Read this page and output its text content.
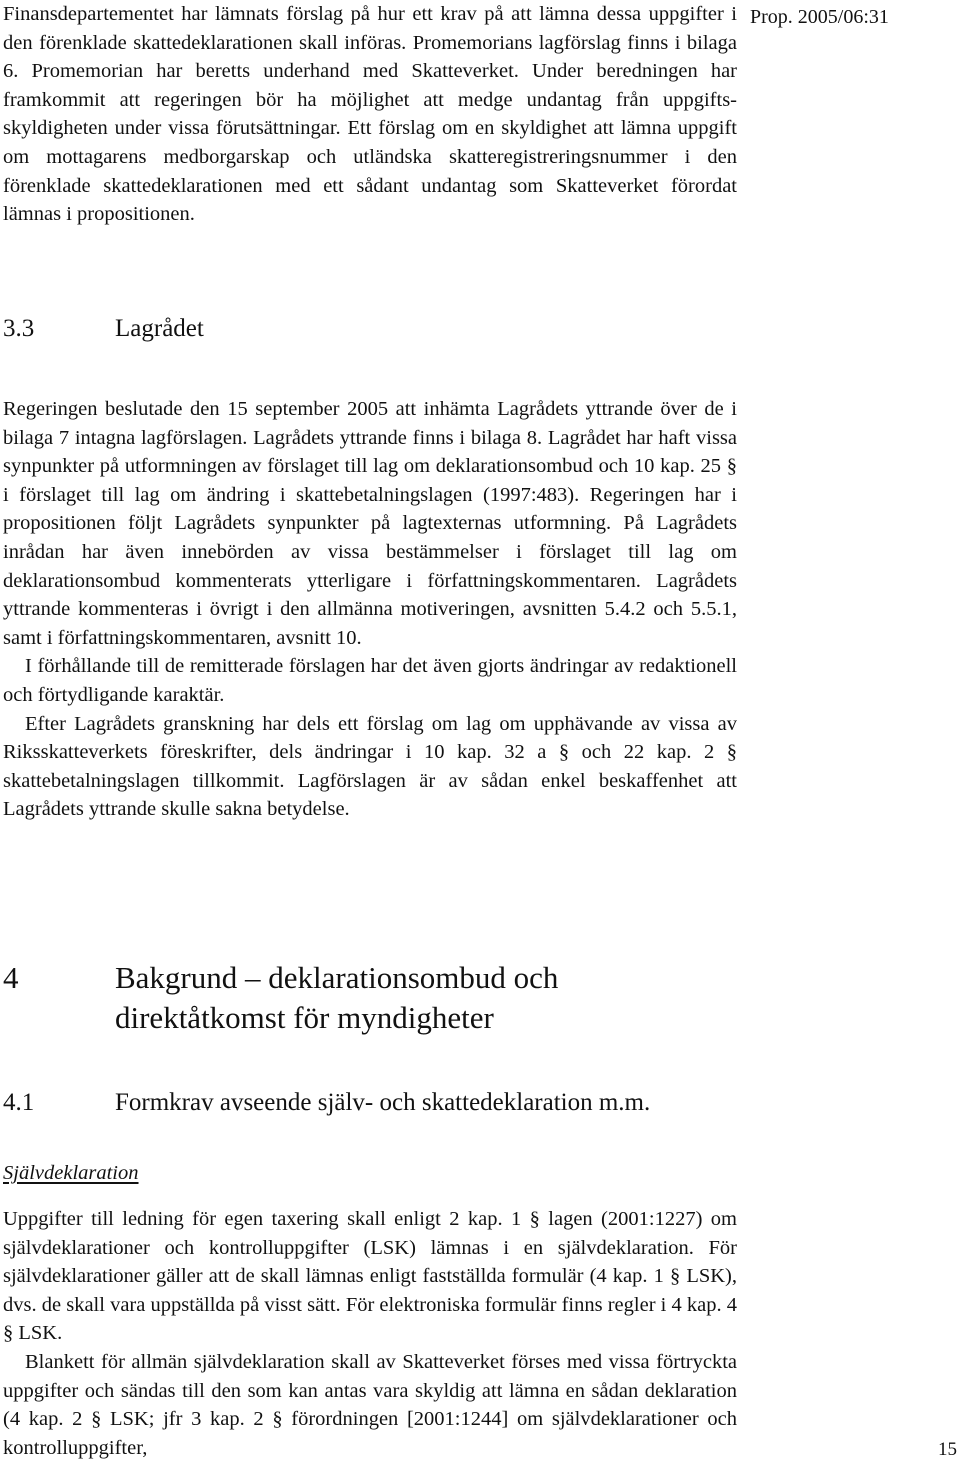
Prop. 2005/06:31

Finansdepartementet har lämnats förslag på hur ett krav på att lämna dessa uppgifter i den förenklade skattedeklarationen skall införas. Promemorians lagförslag finns i bilaga 6. Promemorian har beretts underhand med Skatteverket. Under beredningen har framkommit att regeringen bör ha möjlighet att medge undantag från uppgiftsskyldigheten under vissa förutsättningar. Ett förslag om en skyldighet att lämna uppgift om mottagarens medborgarskap och utländska skatteregistreringsnummer i den förenklade skattedeklarationen med ett sådant undantag som Skatteverket förordat lämnas i propositionen.

3.3	Lagrådet

Regeringen beslutade den 15 september 2005 att inhämta Lagrådets yttrande över de i bilaga 7 intagna lagförslagen. Lagrådets yttrande finns i bilaga 8. Lagrådet har haft vissa synpunkter på utformningen av förslaget till lag om deklarationsombud och 10 kap. 25 § i förslaget till lag om ändring i skattebetalningslagen (1997:483). Regeringen har i propositionen följt Lagrådets synpunkter på lagtexternas utformning. På Lagrådets inrådan har även innebörden av vissa bestämmelser i förslaget till lag om deklarationsombud kommenterats ytterligare i författningskommentaren. Lagrådets yttrande kommenteras i övrigt i den allmänna motiveringen, avsnitten 5.4.2 och 5.5.1, samt i författningskommentaren, avsnitt 10.

I förhållande till de remitterade förslagen har det även gjorts ändringar av redaktionell och förtydligande karaktär.

Efter Lagrådets granskning har dels ett förslag om lag om upphävande av vissa av Riksskatteverkets föreskrifter, dels ändringar i 10 kap. 32 a § och 22 kap. 2 § skattebetalningslagen tillkommit. Lagförslagen är av sådan enkel beskaffenhet att Lagrådets yttrande skulle sakna betydelse.

4	Bakgrund – deklarationsombud och
direktåtkomst för myndigheter
4.1	Formkrav avseende själv- och skattedeklaration m.m.
Självdeklaration

Uppgifter till ledning för egen taxering skall enligt 2 kap. 1 § lagen (2001:1227) om självdeklarationer och kontrolluppgifter (LSK) lämnas i en självdeklaration. För självdeklarationer gäller att de skall lämnas enligt fastställda formulär (4 kap. 1 § LSK), dvs. de skall vara uppställda på visst sätt. För elektroniska formulär finns regler i 4 kap. 4 § LSK.

Blankett för allmän självdeklaration skall av Skatteverket förses med vissa förtryckta uppgifter och sändas till den som kan antas vara skyldig att lämna en sådan deklaration (4 kap. 2 § LSK; jfr 3 kap. 2 § förordningen [2001:1244] om självdeklarationer och kontrolluppgifter,	15
